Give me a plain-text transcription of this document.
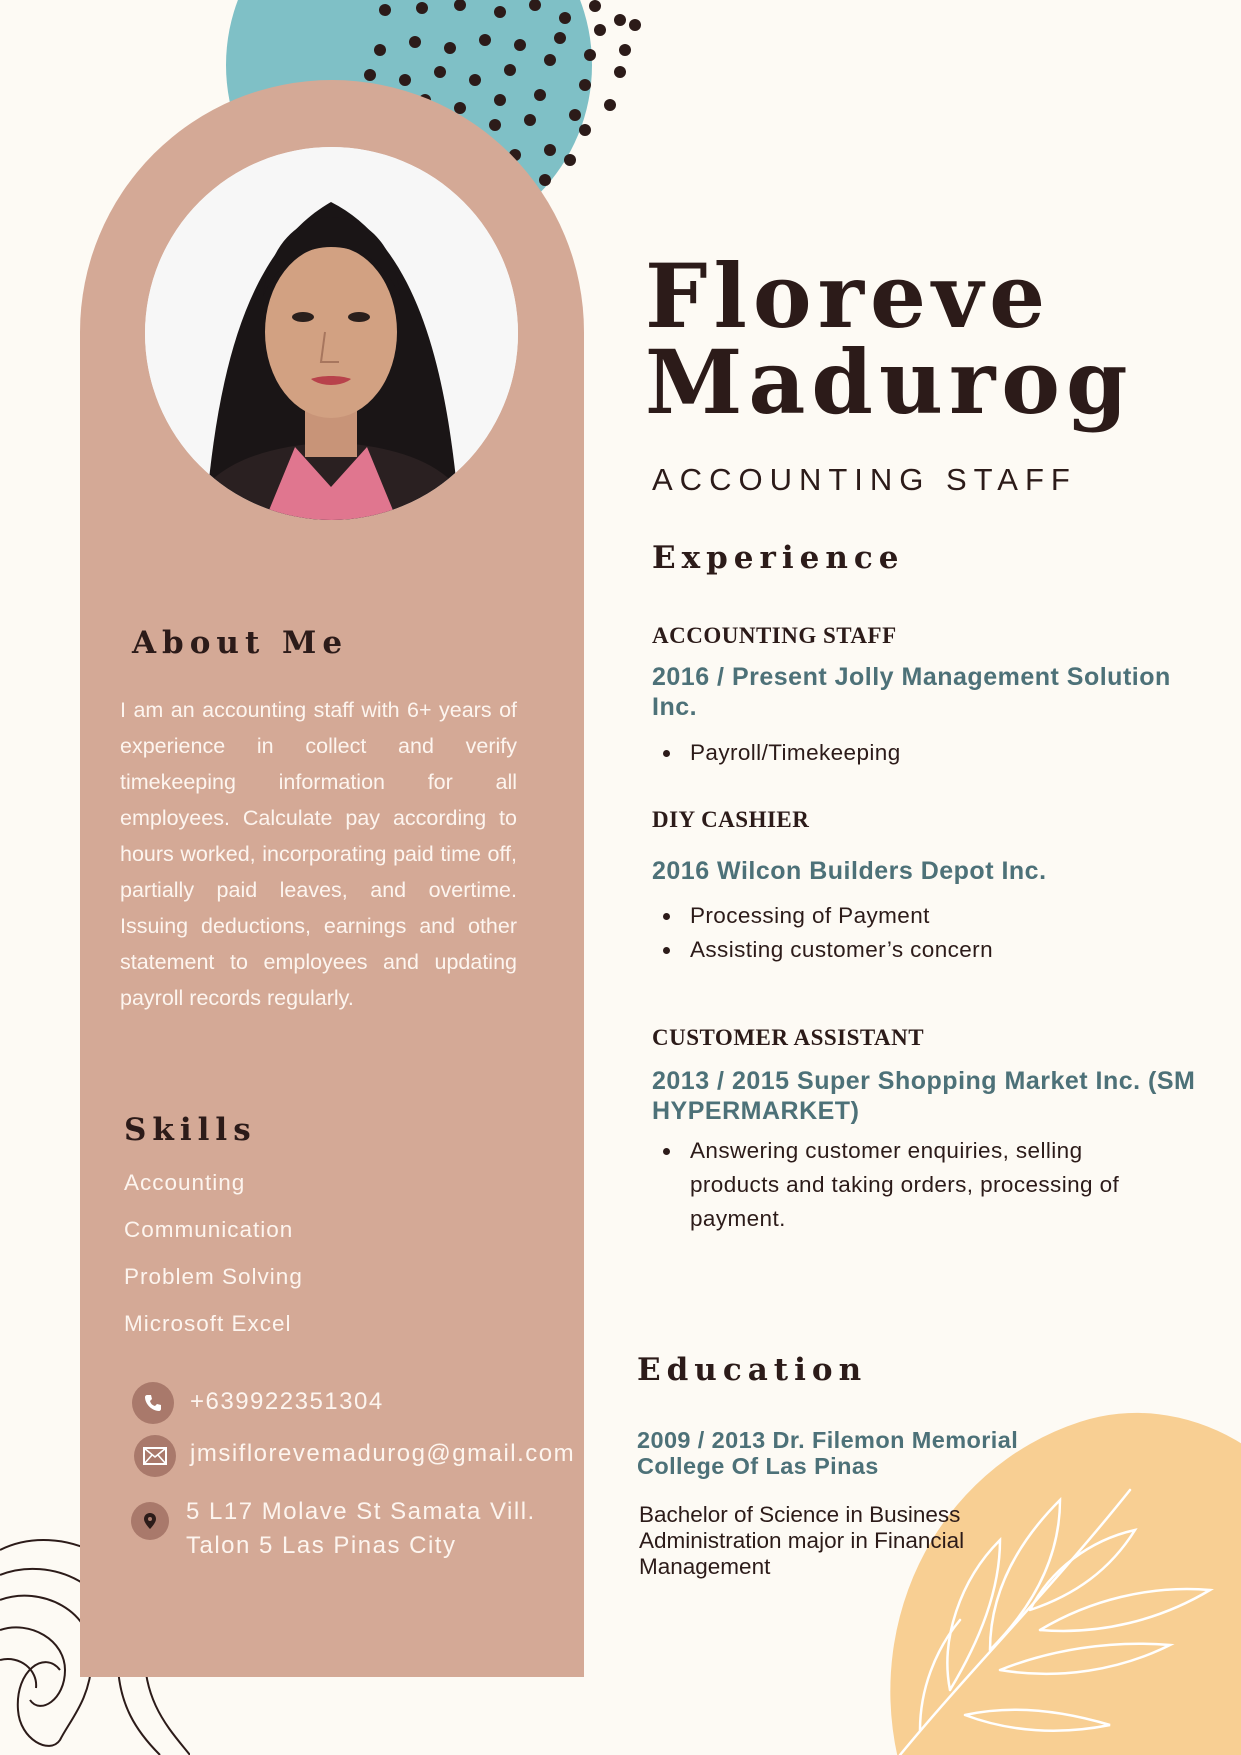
About Me

I am an accounting staff with 6+ years of experience in collect and verify timekeeping information for all employees. Calculate pay according to hours worked, incorporating paid time off, partially paid leaves, and overtime. Issuing deductions, earnings and other statement to employees and updating payroll records regularly.

Skills
Accounting
Communication
Problem Solving
Microsoft Excel
+639922351304
jmsiflorevemadurog@gmail.com
5 L17 Molave St Samata Vill.
Talon 5 Las Pinas City
Floreve
Madurog
ACCOUNTING STAFF
Experience
ACCOUNTING STAFF
2016 / Present Jolly Management Solution Inc.
Payroll/Timekeeping
DIY CASHIER
2016 Wilcon Builders Depot Inc.
Processing of Payment
Assisting customer’s concern
CUSTOMER ASSISTANT
2013 / 2015 Super Shopping Market Inc. (SM HYPERMARKET)
Answering customer enquiries, selling products and taking orders, processing of payment.
Education
2009 / 2013 Dr. Filemon Memorial College Of Las Pinas
Bachelor of Science in Business Administration major in Financial Management
